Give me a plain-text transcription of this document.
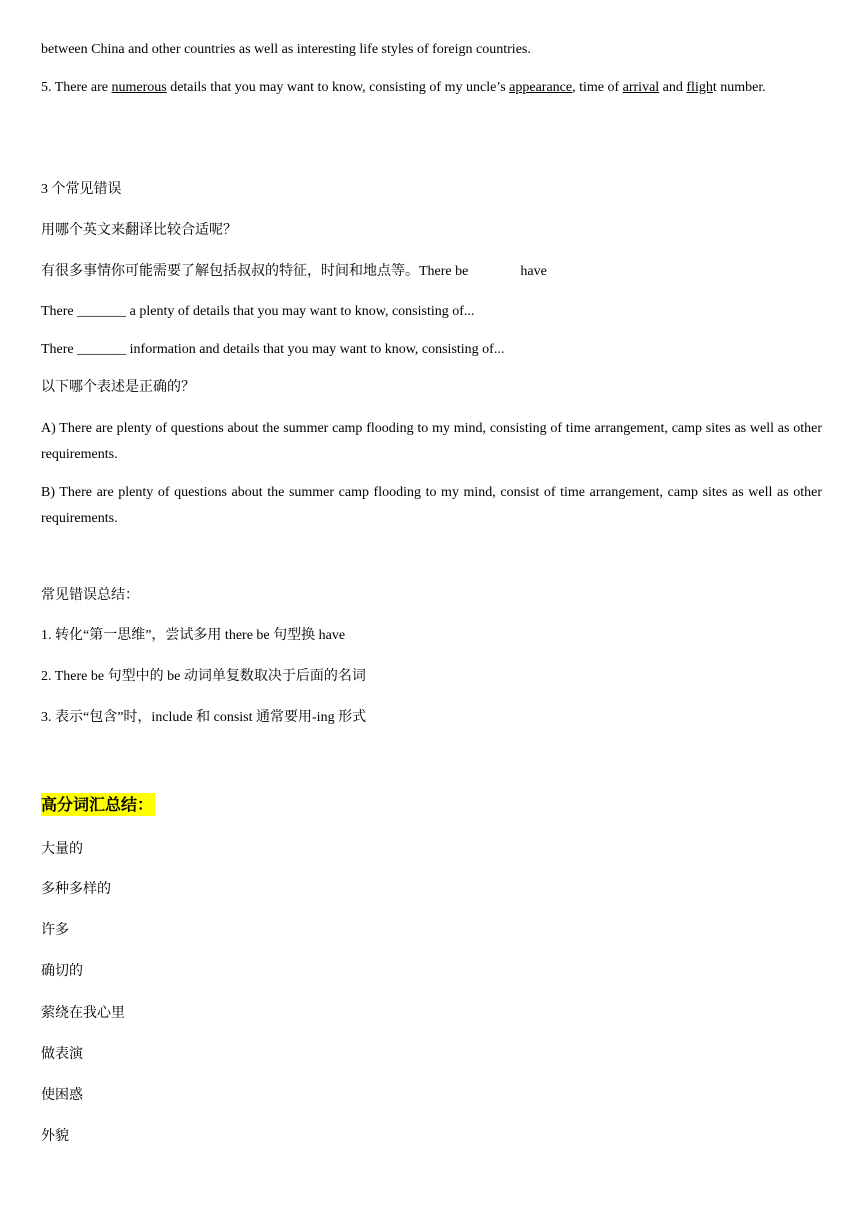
between China and other countries as well as interesting life styles of foreign countries.

5. There are numerous details that you may want to know, consisting of my uncle’s appearance, time of arrival and flight number.

3 个常见错误

用哪个英文来翻译比较合适呢？

有很多事情你可能需要了解包括叔叔的特征，时间和地点等。There be	have

There _______ a plenty of details that you may want to know, consisting of...

There _______ information and details that you may want to know, consisting of...

以下哪个表述是正确的？

A) There are plenty of questions about the summer camp flooding to my mind, consisting of time arrangement, camp sites as well as other requirements.

B) There are plenty of questions about the summer camp flooding to my mind, consist of time arrangement, camp sites as well as other requirements.

常见错误总结：

1. 转化“第一思维”，尝试多用 there be 句型换 have

2. There be 句型中的 be 动词单复数取决于后面的名词

3. 表示“包含”时，include 和 consist 通常要用-ing 形式

高分词汇总结：

大量的

多种多样的

许多

确切的

萦绕在我心里

做表演

使困惑

外貌
